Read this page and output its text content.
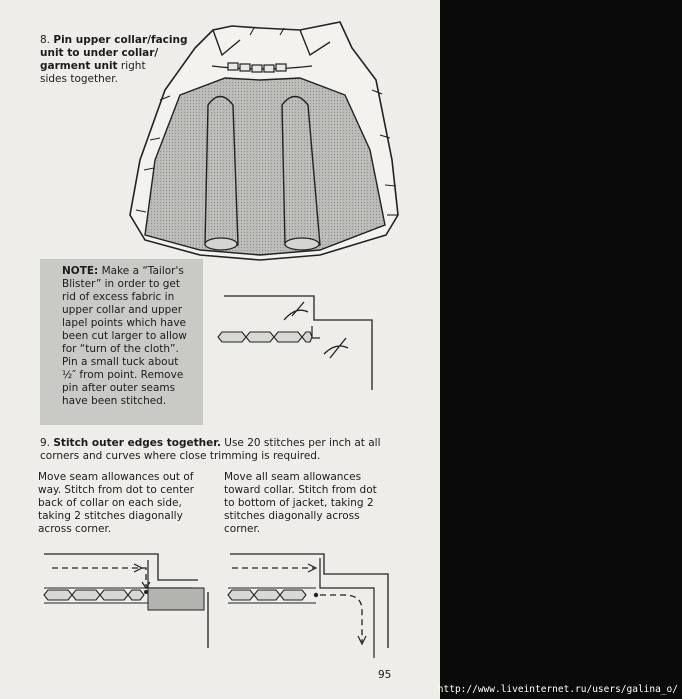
8. Pin upper collar/facing
unit to under collar/
garment unit right
sides together.
NOTE: Make a “Tailor's
Blister” in order to get
rid of excess fabric in
upper collar and upper
lapel points which have
been cut larger to allow
for “turn of the cloth”.
Pin a small tuck about
½″ from point. Remove
pin after outer seams
have been stitched.
9. Stitch outer edges together. Use 20 stitches per inch at all
corners and curves where close trimming is required.
Move seam allowances out of
way. Stitch from dot to center
back of collar on each side,
taking 2 stitches diagonally
across corner.
Move all seam allowances
toward collar. Stitch from dot
to bottom of jacket, taking 2
stitches diagonally across
corner.
95
http://www.liveinternet.ru/users/galina_o/
